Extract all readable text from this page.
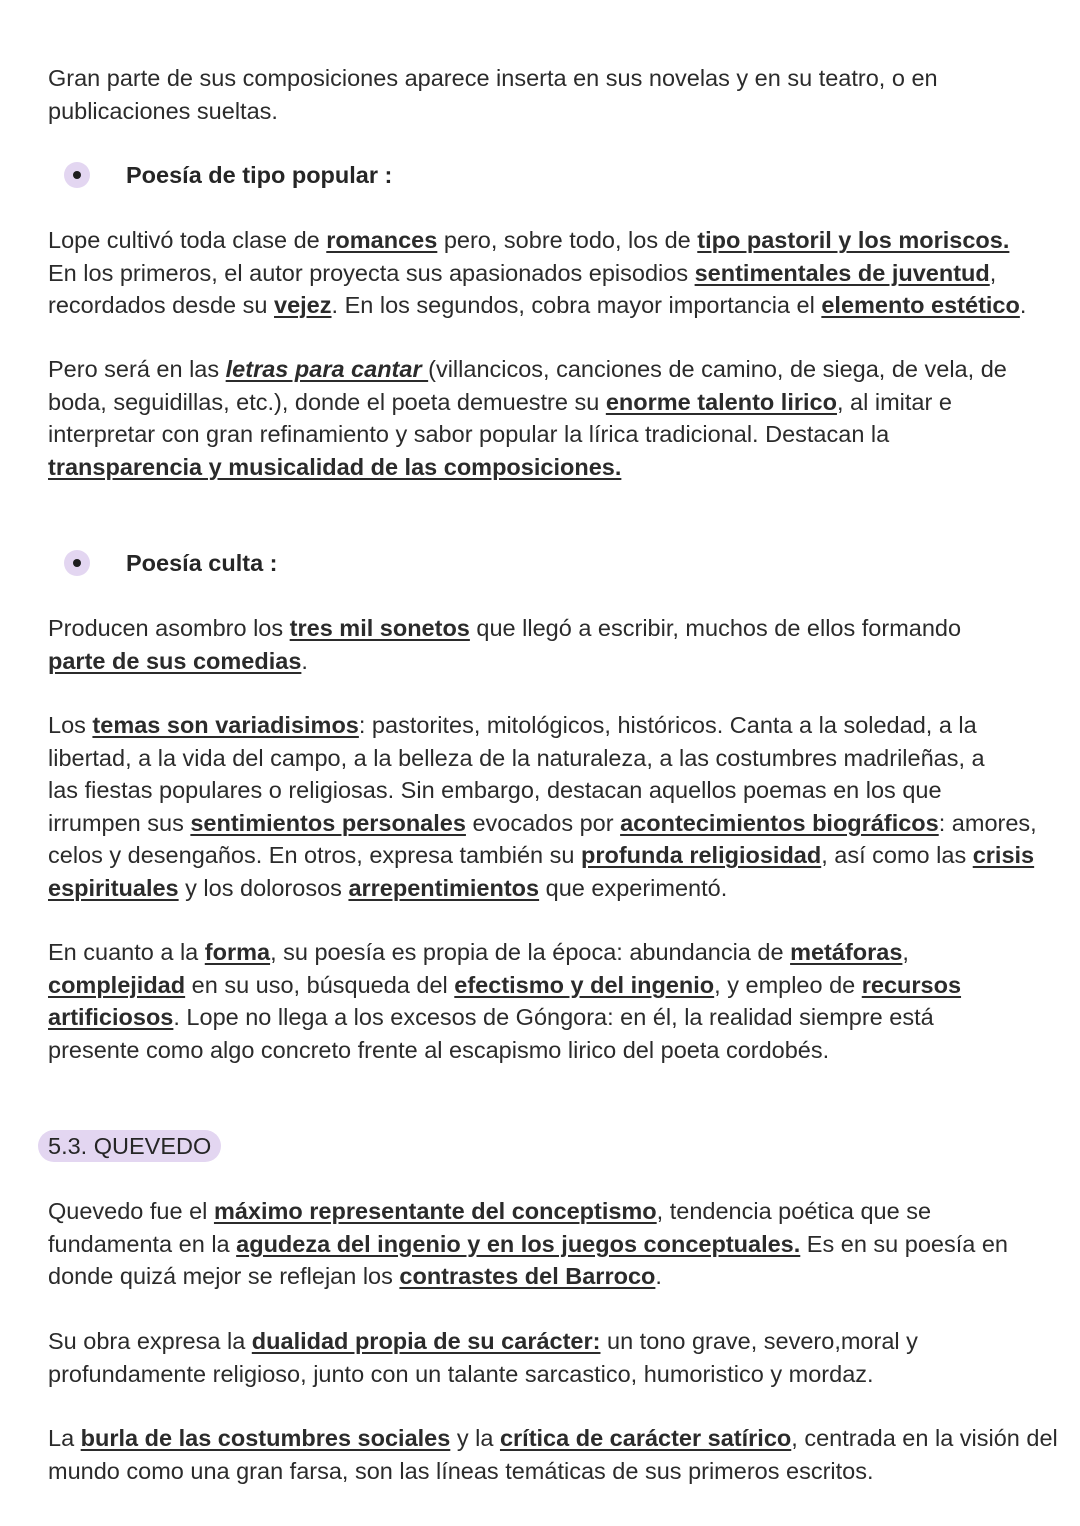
Gran parte de sus composiciones aparece inserta en sus novelas y en su teatro, o en
publicaciones sueltas.

Poesía de tipo popular :

Lope cultivó toda clase de romances pero, sobre todo, los de tipo pastoril y los moriscos.
En los primeros, el autor proyecta sus apasionados episodios sentimentales de juventud,
recordados desde su vejez. En los segundos, cobra mayor importancia el elemento estético.

Pero será en las letras para cantar (villancicos, canciones de camino, de siega, de vela, de
boda, seguidillas, etc.), donde el poeta demuestre su enorme talento lirico, al imitar e
interpretar con gran refinamiento y sabor popular la lírica tradicional. Destacan la
transparencia y musicalidad de las composiciones.

Poesía culta :

Producen asombro los tres mil sonetos que llegó a escribir, muchos de ellos formando
parte de sus comedias.

Los temas son variadisimos: pastorites, mitológicos, históricos. Canta a la soledad, a la
libertad, a la vida del campo, a la belleza de la naturaleza, a las costumbres madrileñas, a
las fiestas populares o religiosas. Sin embargo, destacan aquellos poemas en los que
irrumpen sus sentimientos personales evocados por acontecimientos biográficos: amores,
celos y desengaños. En otros, expresa también su profunda religiosidad, así como las crisis
espirituales y los dolorosos arrepentimientos que experimentó.

En cuanto a la forma, su poesía es propia de la época: abundancia de metáforas,
complejidad en su uso, búsqueda del efectismo y del ingenio, y empleo de recursos
artificiosos. Lope no llega a los excesos de Góngora: en él, la realidad siempre está
presente como algo concreto frente al escapismo lirico del poeta cordobés.

5.3. QUEVEDO

Quevedo fue el máximo representante del conceptismo, tendencia poética que se
fundamenta en la agudeza del ingenio y en los juegos conceptuales. Es en su poesía en
donde quizá mejor se reflejan los contrastes del Barroco.

Su obra expresa la dualidad propia de su carácter: un tono grave, severo,moral y
profundamente religioso, junto con un talante sarcastico, humoristico y mordaz.

La burla de las costumbres sociales y la crítica de carácter satírico, centrada en la visión del
mundo como una gran farsa, son las líneas temáticas de sus primeros escritos.
